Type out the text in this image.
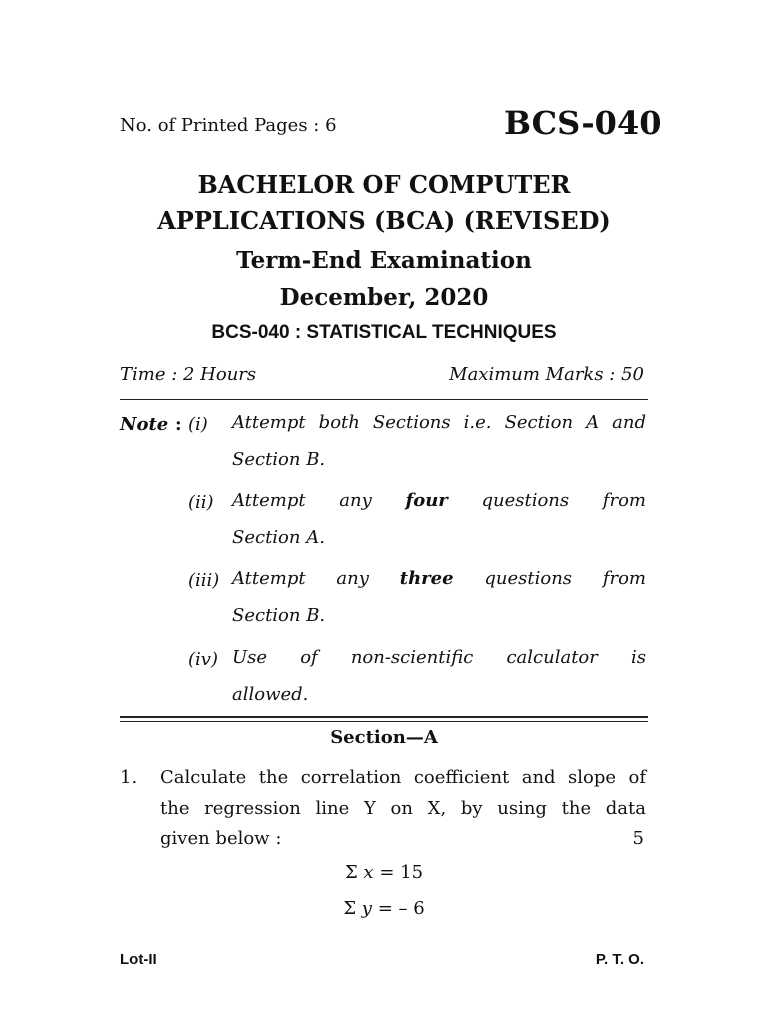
No. of Printed Pages : 6	BCS-040
BACHELOR OF COMPUTER
APPLICATIONS (BCA) (REVISED)
Term-End Examination
December, 2020
BCS-040 : STATISTICAL TECHNIQUES
Time : 2 Hours	Maximum Marks : 50
Note : (i) Attempt both Sections i.e. Section A and
Section B.
(ii) Attempt any four questions from
Section A.
(iii) Attempt any three questions from
Section B.
(iv) Use of non-scientific calculator is
allowed.
Section—A
1. Calculate the correlation coefficient and slope of
the regression line Y on X, by using the data
given below :	5
Σ x = 15
Σ y = – 6
Lot-II	P. T. O.
